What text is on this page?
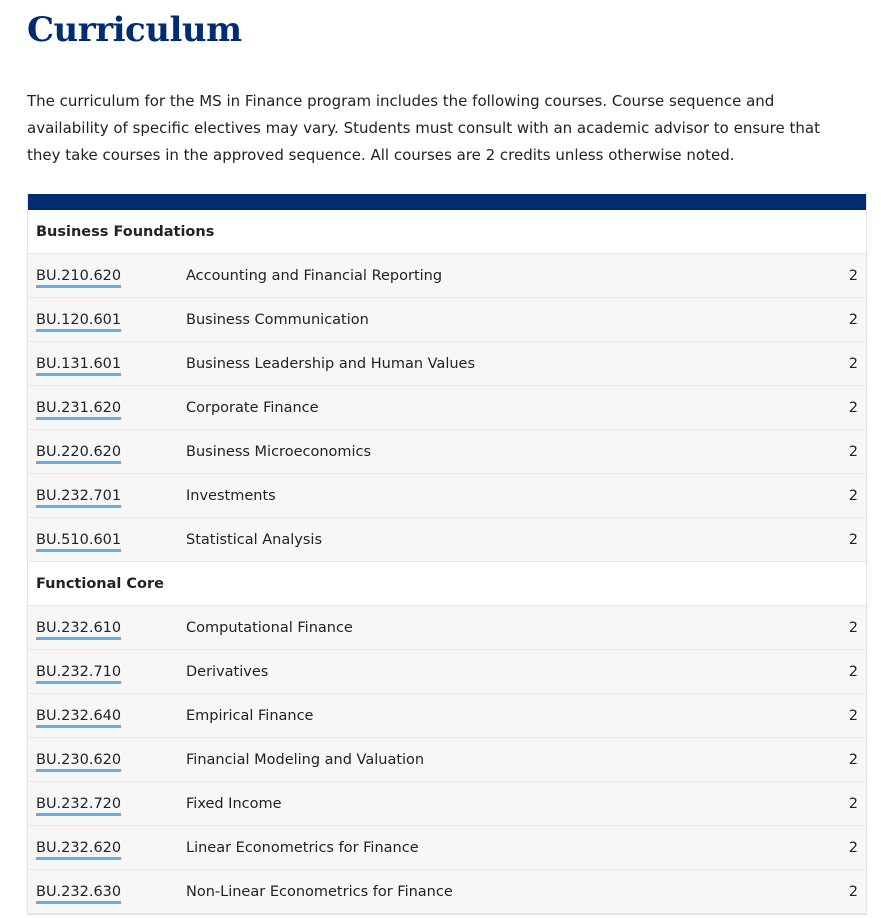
Curriculum

The curriculum for the MS in Finance program includes the following courses. Course sequence and availability of specific electives may vary. Students must consult with an academic advisor to ensure that they take courses in the approved sequence. All courses are 2 credits unless otherwise noted.

Business Foundations
BU.210.620	Accounting and Financial Reporting	2
BU.120.601	Business Communication	2
BU.131.601	Business Leadership and Human Values	2
BU.231.620	Corporate Finance	2
BU.220.620	Business Microeconomics	2
BU.232.701	Investments	2
BU.510.601	Statistical Analysis	2
Functional Core
BU.232.610	Computational Finance	2
BU.232.710	Derivatives	2
BU.232.640	Empirical Finance	2
BU.230.620	Financial Modeling and Valuation	2
BU.232.720	Fixed Income	2
BU.232.620	Linear Econometrics for Finance	2
BU.232.630	Non-Linear Econometrics for Finance	2
